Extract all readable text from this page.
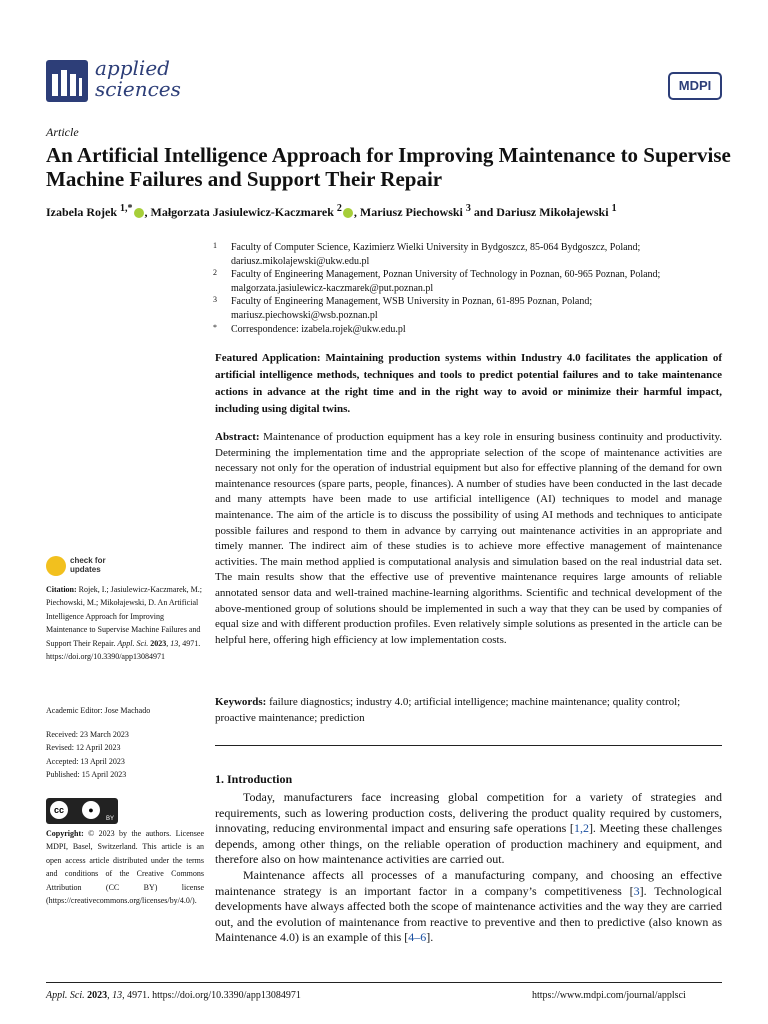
applied
sciences	MDPI
Article
An Artificial Intelligence Approach for Improving Maintenance to Supervise Machine Failures and Support Their Repair
Izabela Rojek $^{1,*}$ , Małgorzata Jasiulewicz-Kaczmarek $^2$ , Mariusz Piechowski $^3$ and Dariusz Mikołajewski $^1$
1 Faculty of Computer Science, Kazimierz Wielki University in Bydgoszcz, 85-064 Bydgoszcz, Poland; dariusz.mikolajewski@ukw.edu.pl
2 Faculty of Engineering Management, Poznan University of Technology in Poznan, 60-965 Poznan, Poland; malgorzata.jasiulewicz-kaczmarek@put.poznan.pl
3 Faculty of Engineering Management, WSB University in Poznan, 61-895 Poznan, Poland; mariusz.piechowski@wsb.poznan.pl
* Correspondence: izabela.rojek@ukw.edu.pl
Featured Application: Maintaining production systems within Industry 4.0 facilitates the application of artificial intelligence methods, techniques and tools to predict potential failures and to take maintenance actions in advance at the right time and in the right way to avoid or minimize their harmful impact, including using digital twins.
Abstract: Maintenance of production equipment has a key role in ensuring business continuity and productivity. Determining the implementation time and the appropriate selection of the scope of maintenance activities are necessary not only for the operation of industrial equipment but also for effective planning of the demand for own maintenance resources (spare parts, people, finances). A number of studies have been conducted in the last decade and many attempts have been made to use artificial intelligence (AI) techniques to model and manage maintenance. The aim of the article is to discuss the possibility of using AI methods and techniques to anticipate possible failures and respond to them in advance by carrying out maintenance activities in an appropriate and timely manner. The indirect aim of these studies is to achieve more effective management of maintenance activities. The main method applied is computational analysis and simulation based on the real industrial data set. The main results show that the effective use of preventive maintenance requires large amounts of reliable annotated sensor data and well-trained machine-learning algorithms. Scientific and technical development of the above-mentioned group of solutions should be implemented in such a way that they can be used by companies of equal size and with different production profiles. Even relatively simple solutions as presented in the article can be helpful here, offering high efficiency at low implementation costs.
Keywords: failure diagnostics; industry 4.0; artificial intelligence; machine maintenance; quality control; proactive maintenance; prediction
check for
updates
Citation: Rojek, I.; Jasiulewicz-Kaczmarek, M.; Piechowski, M.; Mikołajewski, D. An Artificial Intelligence Approach for Improving Maintenance to Supervise Machine Failures and Support Their Repair. Appl. Sci. 2023, 13, 4971. https://doi.org/10.3390/app13084971
Academic Editor: Jose Machado
Received: 23 March 2023
Revised: 12 April 2023
Accepted: 13 April 2023
Published: 15 April 2023
cc	●
BY
Copyright: © 2023 by the authors. Licensee MDPI, Basel, Switzerland. This article is an open access article distributed under the terms and conditions of the Creative Commons Attribution (CC BY) license (https://creativecommons.org/licenses/by/4.0/).
1. Introduction

Today, manufacturers face increasing global competition for a variety of strategies and requirements, such as lowering production costs, delivering the product quality required by customers, innovating, reducing environmental impact and ensuring safe operations [1,2]. Meeting these challenges depends, among other things, on the reliable operation of production machinery and equipment, and therefore also on how maintenance activities are carried out.

Maintenance affects all processes of a manufacturing company, and choosing an effective maintenance strategy is an important factor in a company’s competitiveness [3]. Technological developments have always affected both the scope of maintenance activities and the way they are carried out, and the evolution of maintenance from reactive to preventive and then to predictive (also known as Maintenance 4.0) is an example of this [4–6].

Appl. Sci. 2023, 13, 4971. https://doi.org/10.3390/app13084971	https://www.mdpi.com/journal/applsci
